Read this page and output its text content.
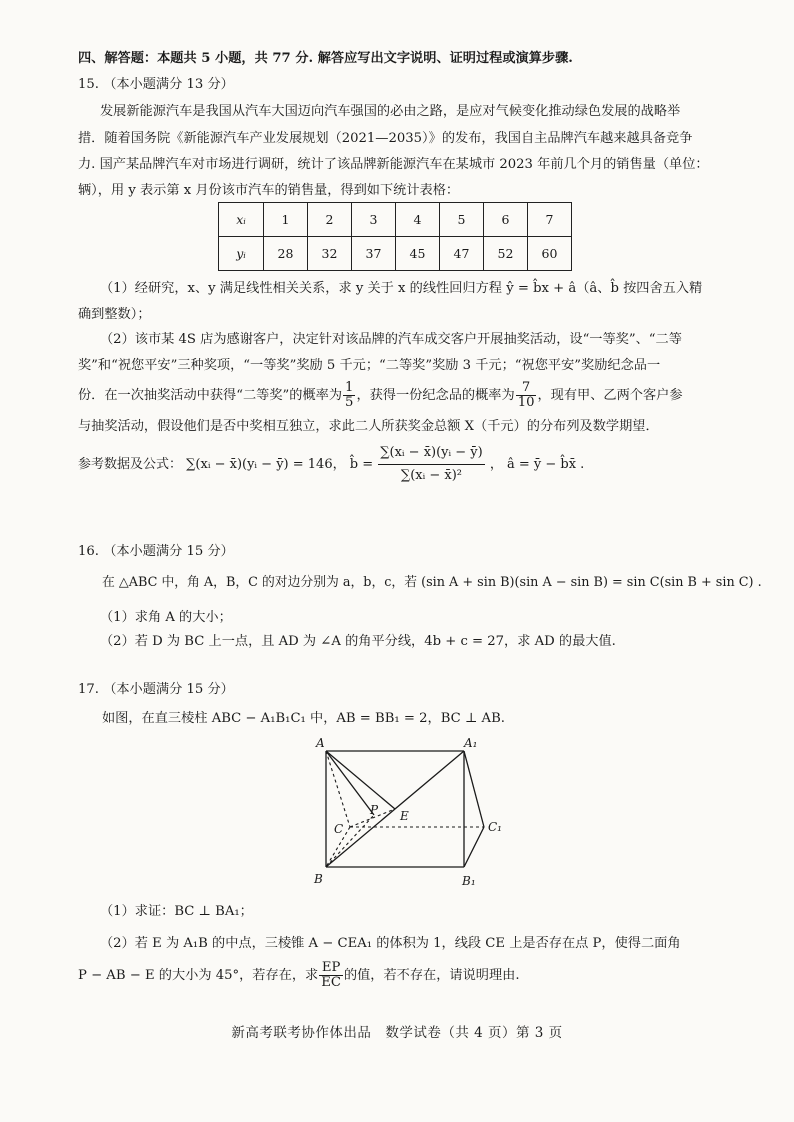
四、解答题：本题共 5 小题，共 77 分. 解答应写出文字说明、证明过程或演算步骤.
15. （本小题满分 13 分）
发展新能源汽车是我国从汽车大国迈向汽车强国的必由之路，是应对气候变化推动绿色发展的战略举
措．随着国务院《新能源汽车产业发展规划（2021—2035）》的发布，我国自主品牌汽车越来越具备竞争
力. 国产某品牌汽车对市场进行调研，统计了该品牌新能源汽车在某城市 2023 年前几个月的销售量（单位：
辆），用 y 表示第 x 月份该市汽车的销售量，得到如下统计表格：
xᵢ	1	2	3	4	5	6	7
yᵢ	28	32	37	45	47	52	60
（1）经研究，x、y 满足线性相关关系，求 y 关于 x 的线性回归方程 ŷ = b̂x + â（â、b̂ 按四舍五入精
确到整数）；
（2）该市某 4S 店为感谢客户，决定针对该品牌的汽车成交客户开展抽奖活动，设“一等奖”、“二等
奖”和“祝您平安”三种奖项，“一等奖”奖励 5 千元；“二等奖”奖励 3 千元；“祝您平安”奖励纪念品一
份．在一次抽奖活动中获得“二等奖”的概率为 $\frac{1}{5}$ ，获得一份纪念品的概率为 $\frac{7}{10}$ ，现有甲、乙两个客户参
与抽奖活动，假设他们是否中奖相互独立，求此二人所获奖金总额 X（千元）的分布列及数学期望．
参考数据及公式： ∑(xᵢ − x̄)(yᵢ − ȳ) = 146， b̂ = $\frac{\text{∑(xᵢ − x̄)(yᵢ − ȳ)}}{\text{∑(xᵢ − x̄)²}}$ ， â = ȳ − b̂x̄ .
16. （本小题满分 15 分）
在 △ABC 中，角 A，B，C 的对边分别为 a，b，c，若 (sin A + sin B)(sin A − sin B) = sin C(sin B + sin C) .
（1）求角 A 的大小；
（2）若 D 为 BC 上一点，且 AD 为 ∠A 的角平分线，4b + c = 27，求 AD 的最大值.
17. （本小题满分 15 分）
如图，在直三棱柱 ABC − A₁B₁C₁ 中，AB = BB₁ = 2，BC ⊥ AB.
A	A₁
B	B₁
C	C₁
P E
（1）求证：BC ⊥ BA₁；
（2）若 E 为 A₁B 的中点，三棱锥 A − CEA₁ 的体积为 1，线段 CE 上是否存在点 P，使得二面角
P − AB − E 的大小为 45°，若存在，求 $\frac{EP}{EC}$ 的值，若不存在，请说明理由.
新高考联考协作体出品　数学试卷（共 4 页）第 3 页
